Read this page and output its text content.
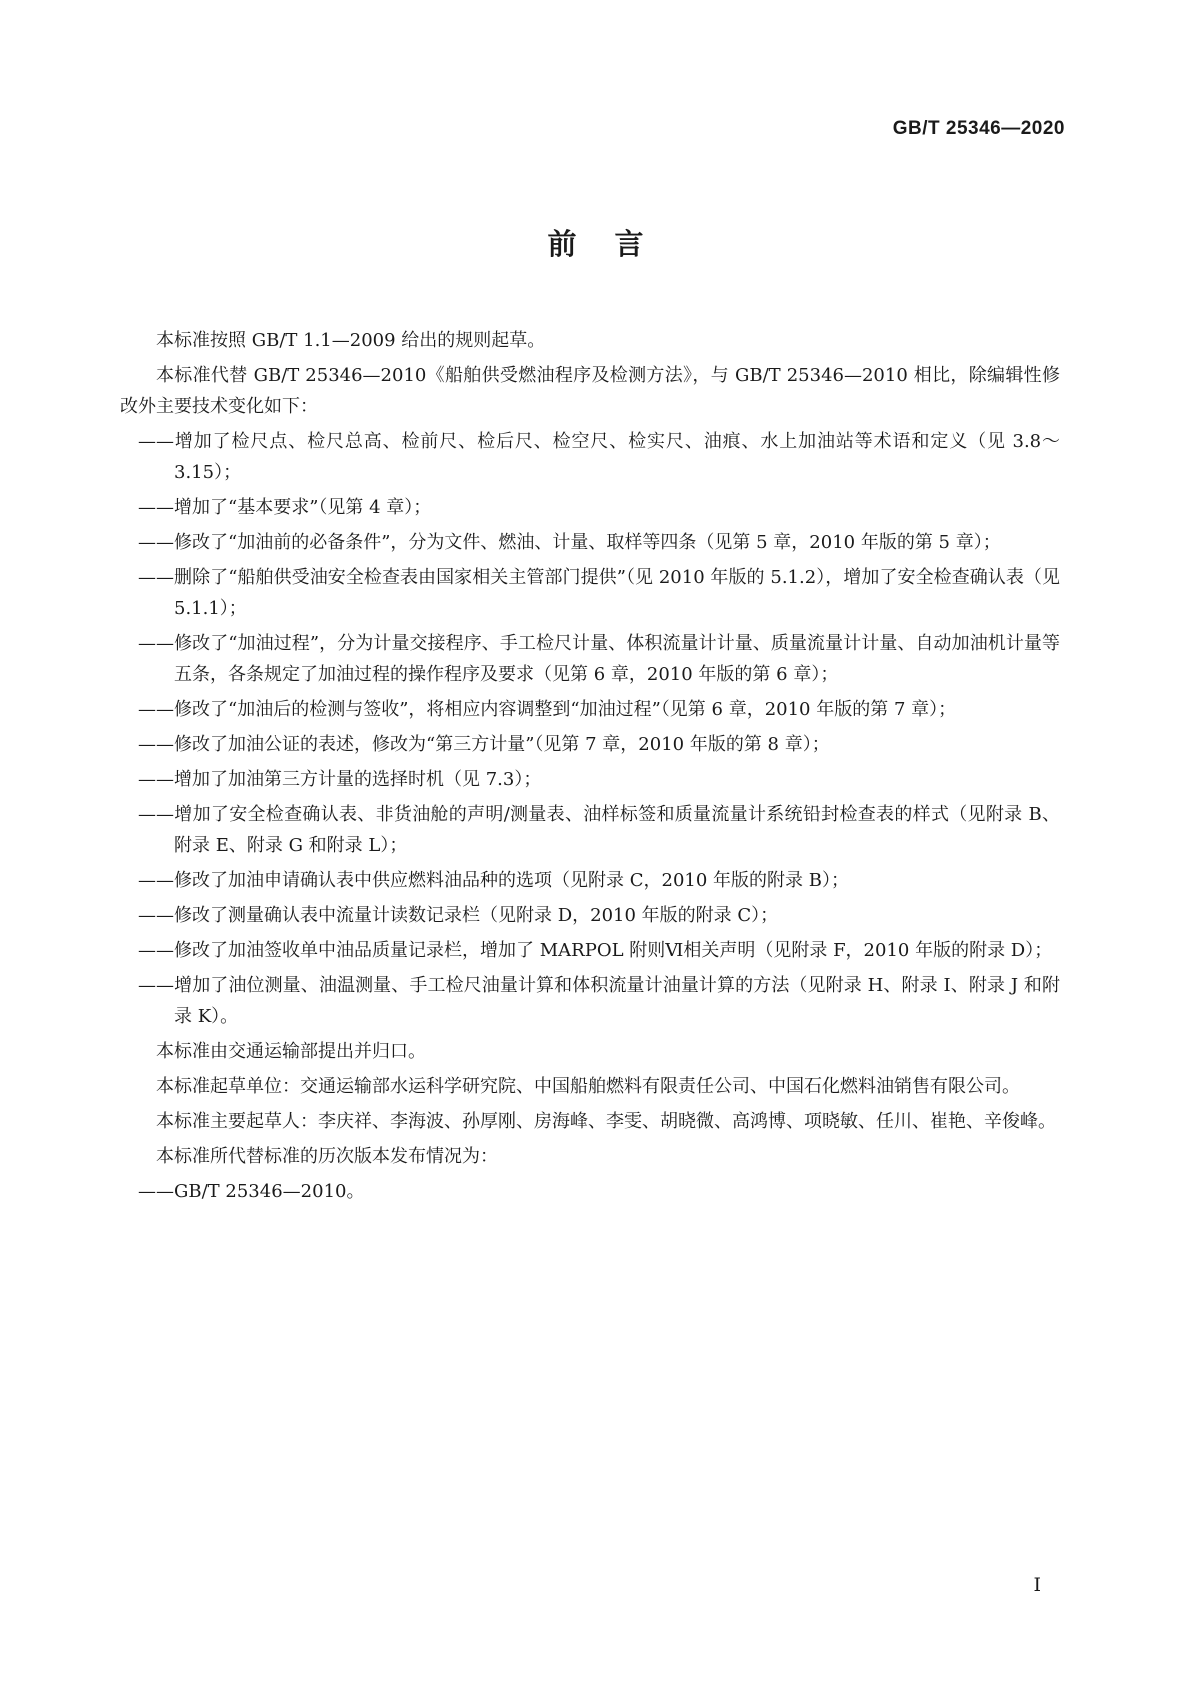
GB/T 25346—2020
前言

本标准按照 GB/T 1.1—2009 给出的规则起草。

本标准代替 GB/T 25346—2010《船舶供受燃油程序及检测方法》，与 GB/T 25346—2010 相比，除编辑性修改外主要技术变化如下：

——增加了检尺点、检尺总高、检前尺、检后尺、检空尺、检实尺、油痕、水上加油站等术语和定义（见 3.8～3.15）；

——增加了“基本要求”（见第 4 章）；

——修改了“加油前的必备条件”，分为文件、燃油、计量、取样等四条（见第 5 章，2010 年版的第 5 章）；

——删除了“船舶供受油安全检查表由国家相关主管部门提供”（见 2010 年版的 5.1.2），增加了安全检查确认表（见 5.1.1）；

——修改了“加油过程”，分为计量交接程序、手工检尺计量、体积流量计计量、质量流量计计量、自动加油机计量等五条，各条规定了加油过程的操作程序及要求（见第 6 章，2010 年版的第 6 章）；

——修改了“加油后的检测与签收”，将相应内容调整到“加油过程”（见第 6 章，2010 年版的第 7 章）；

——修改了加油公证的表述，修改为“第三方计量”（见第 7 章，2010 年版的第 8 章）；

——增加了加油第三方计量的选择时机（见 7.3）；

——增加了安全检查确认表、非货油舱的声明/测量表、油样标签和质量流量计系统铅封检查表的样式（见附录 B、附录 E、附录 G 和附录 L）；

——修改了加油申请确认表中供应燃料油品种的选项（见附录 C，2010 年版的附录 B）；

——修改了测量确认表中流量计读数记录栏（见附录 D，2010 年版的附录 C）；

——修改了加油签收单中油品质量记录栏，增加了 MARPOL 附则Ⅵ相关声明（见附录 F，2010 年版的附录 D）；

——增加了油位测量、油温测量、手工检尺油量计算和体积流量计油量计算的方法（见附录 H、附录 I、附录 J 和附录 K）。

本标准由交通运输部提出并归口。

本标准起草单位：交通运输部水运科学研究院、中国船舶燃料有限责任公司、中国石化燃料油销售有限公司。

本标准主要起草人：李庆祥、李海波、孙厚刚、房海峰、李雯、胡晓微、高鸿博、项晓敏、任川、崔艳、辛俊峰。

本标准所代替标准的历次版本发布情况为：

——GB/T 25346—2010。

I
